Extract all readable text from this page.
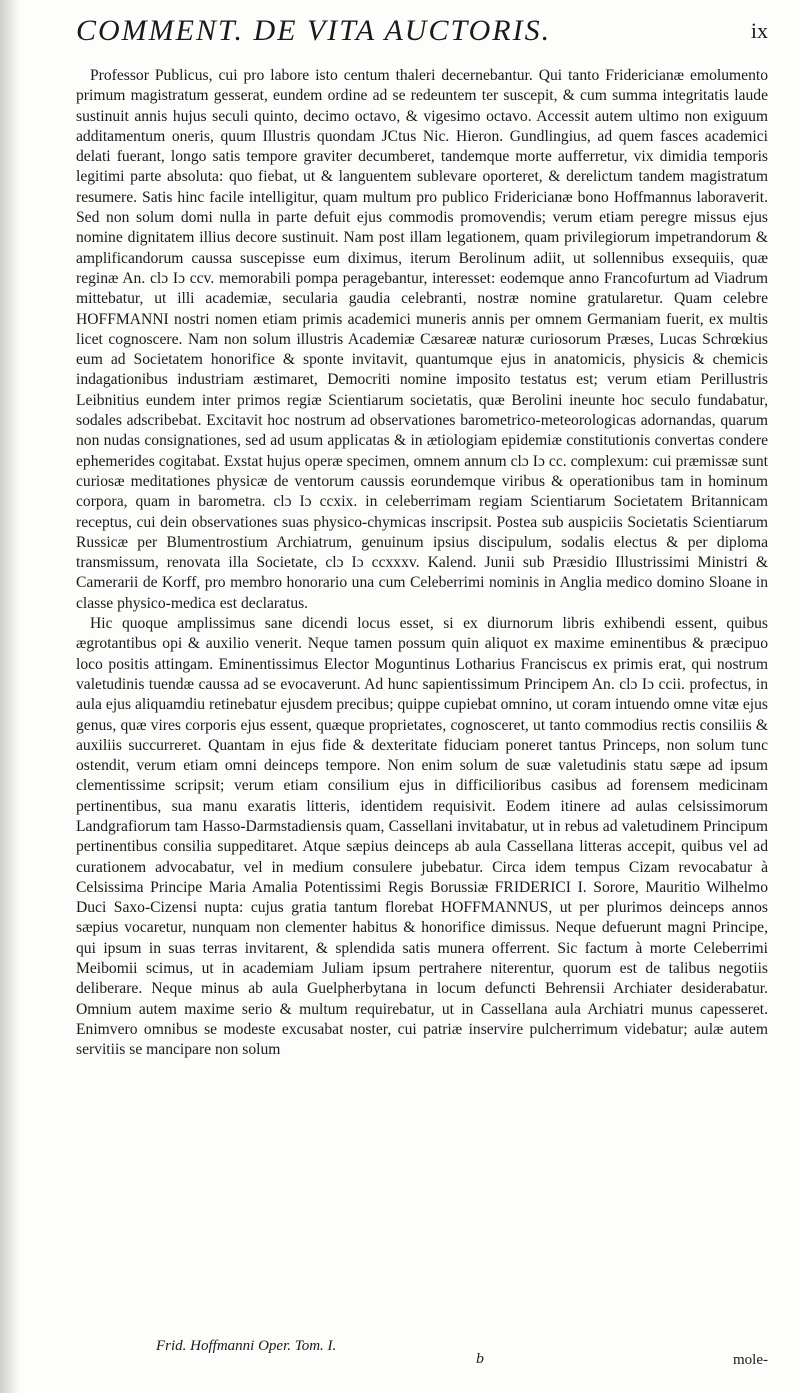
COMMENT. DE VITA AUCTORIS.	ix

Professor Publicus, cui pro labore isto centum thaleri decernebantur. Qui tanto Fridericianæ emolumento primum magistratum gesserat, eundem ordine ad se redeuntem ter suscepit, & cum summa integritatis laude sustinuit annis hujus seculi quinto, decimo octavo, & vigesimo octavo. Accessit autem ultimo non exiguum additamentum oneris, quum Illustris quondam JCtus Nic. Hieron. Gundlingius, ad quem fasces academici delati fuerant, longo satis tempore graviter decumberet, tandemque morte aufferretur, vix dimidia temporis legitimi parte absoluta: quo fiebat, ut & languentem sublevare oporteret, & derelictum tandem magistratum resumere. Satis hinc facile intelligitur, quam multum pro publico Fridericianæ bono Hoffmannus laboraverit. Sed non solum domi nulla in parte defuit ejus commodis promovendis; verum etiam peregre missus ejus nomine dignitatem illius decore sustinuit. Nam post illam legationem, quam privilegiorum impetrandorum & amplificandorum caussa suscepisse eum diximus, iterum Berolinum adiit, ut sollennibus exsequiis, quæ reginæ An. clɔ Iɔ ccv. memorabili pompa peragebantur, interesset: eodemque anno Francofurtum ad Viadrum mittebatur, ut illi academiæ, secularia gaudia celebranti, nostræ nomine gratularetur. Quam celebre HOFFMANNI nostri nomen etiam primis academici muneris annis per omnem Germaniam fuerit, ex multis licet cognoscere. Nam non solum illustris Academiæ Cæsareæ naturæ curiosorum Præses, Lucas Schrœkius eum ad Societatem honorifice & sponte invitavit, quantumque ejus in anatomicis, physicis & chemicis indagationibus industriam æstimaret, Democriti nomine imposito testatus est; verum etiam Perillustris Leibnitius eundem inter primos regiæ Scientiarum societatis, quæ Berolini ineunte hoc seculo fundabatur, sodales adscribebat. Excitavit hoc nostrum ad observationes barometrico-meteorologicas adornandas, quarum non nudas consignationes, sed ad usum applicatas & in ætiologiam epidemiæ constitutionis convertas condere ephemerides cogitabat. Exstat hujus operæ specimen, omnem annum clɔ Iɔ cc. complexum: cui præmissæ sunt curiosæ meditationes physicæ de ventorum caussis eorundemque viribus & operationibus tam in hominum corpora, quam in barometra. clɔ Iɔ ccxix. in celeberrimam regiam Scientiarum Societatem Britannicam receptus, cui dein observationes suas physico-chymicas inscripsit. Postea sub auspiciis Societatis Scientiarum Russicæ per Blumentrostium Archiatrum, genuinum ipsius discipulum, sodalis electus & per diploma transmissum, renovata illa Societate, clɔ Iɔ ccxxxv. Kalend. Junii sub Præsidio Illustrissimi Ministri & Camerarii de Korff, pro membro honorario una cum Celeberrimi nominis in Anglia medico domino Sloane in classe physico-medica est declaratus.

Hic quoque amplissimus sane dicendi locus esset, si ex diurnorum libris exhibendi essent, quibus ægrotantibus opi & auxilio venerit. Neque tamen possum quin aliquot ex maxime eminentibus & præcipuo loco positis attingam. Eminentissimus Elector Moguntinus Lotharius Franciscus ex primis erat, qui nostrum valetudinis tuendæ caussa ad se evocaverunt. Ad hunc sapientissimum Principem An. clɔ Iɔ ccii. profectus, in aula ejus aliquamdiu retinebatur ejusdem precibus; quippe cupiebat omnino, ut coram intuendo omne vitæ ejus genus, quæ vires corporis ejus essent, quæque proprietates, cognosceret, ut tanto commodius rectis consiliis & auxiliis succurreret. Quantam in ejus fide & dexteritate fiduciam poneret tantus Princeps, non solum tunc ostendit, verum etiam omni deinceps tempore. Non enim solum de suæ valetudinis statu sæpe ad ipsum clementissime scripsit; verum etiam consilium ejus in difficilioribus casibus ad forensem medicinam pertinentibus, sua manu exaratis litteris, identidem requisivit. Eodem itinere ad aulas celsissimorum Landgrafiorum tam Hasso-Darmstadiensis quam, Cassellani invitabatur, ut in rebus ad valetudinem Principum pertinentibus consilia suppeditaret. Atque sæpius deinceps ab aula Cassellana litteras accepit, quibus vel ad curationem advocabatur, vel in medium consulere jubebatur. Circa idem tempus Cizam revocabatur à Celsissima Principe Maria Amalia Potentissimi Regis Borussiæ FRIDERICI I. Sorore, Mauritio Wilhelmo Duci Saxo-Cizensi nupta: cujus gratia tantum florebat HOFFMANNUS, ut per plurimos deinceps annos sæpius vocaretur, nunquam non clementer habitus & honorifice dimissus. Neque defuerunt magni Principe, qui ipsum in suas terras invitarent, & splendida satis munera offerrent. Sic factum à morte Celeberrimi Meibomii scimus, ut in academiam Juliam ipsum pertrahere niterentur, quorum est de talibus negotiis deliberare. Neque minus ab aula Guelpherbytana in locum defuncti Behrensii Archiater desiderabatur. Omnium autem maxime serio & multum requirebatur, ut in Cassellana aula Archiatri munus capesseret. Enimvero omnibus se modeste excusabat noster, cui patriæ inservire pulcherrimum videbatur; aulæ autem servitiis se mancipare non solum

Frid. Hoffmanni Oper. Tom. I.
b	mole-
